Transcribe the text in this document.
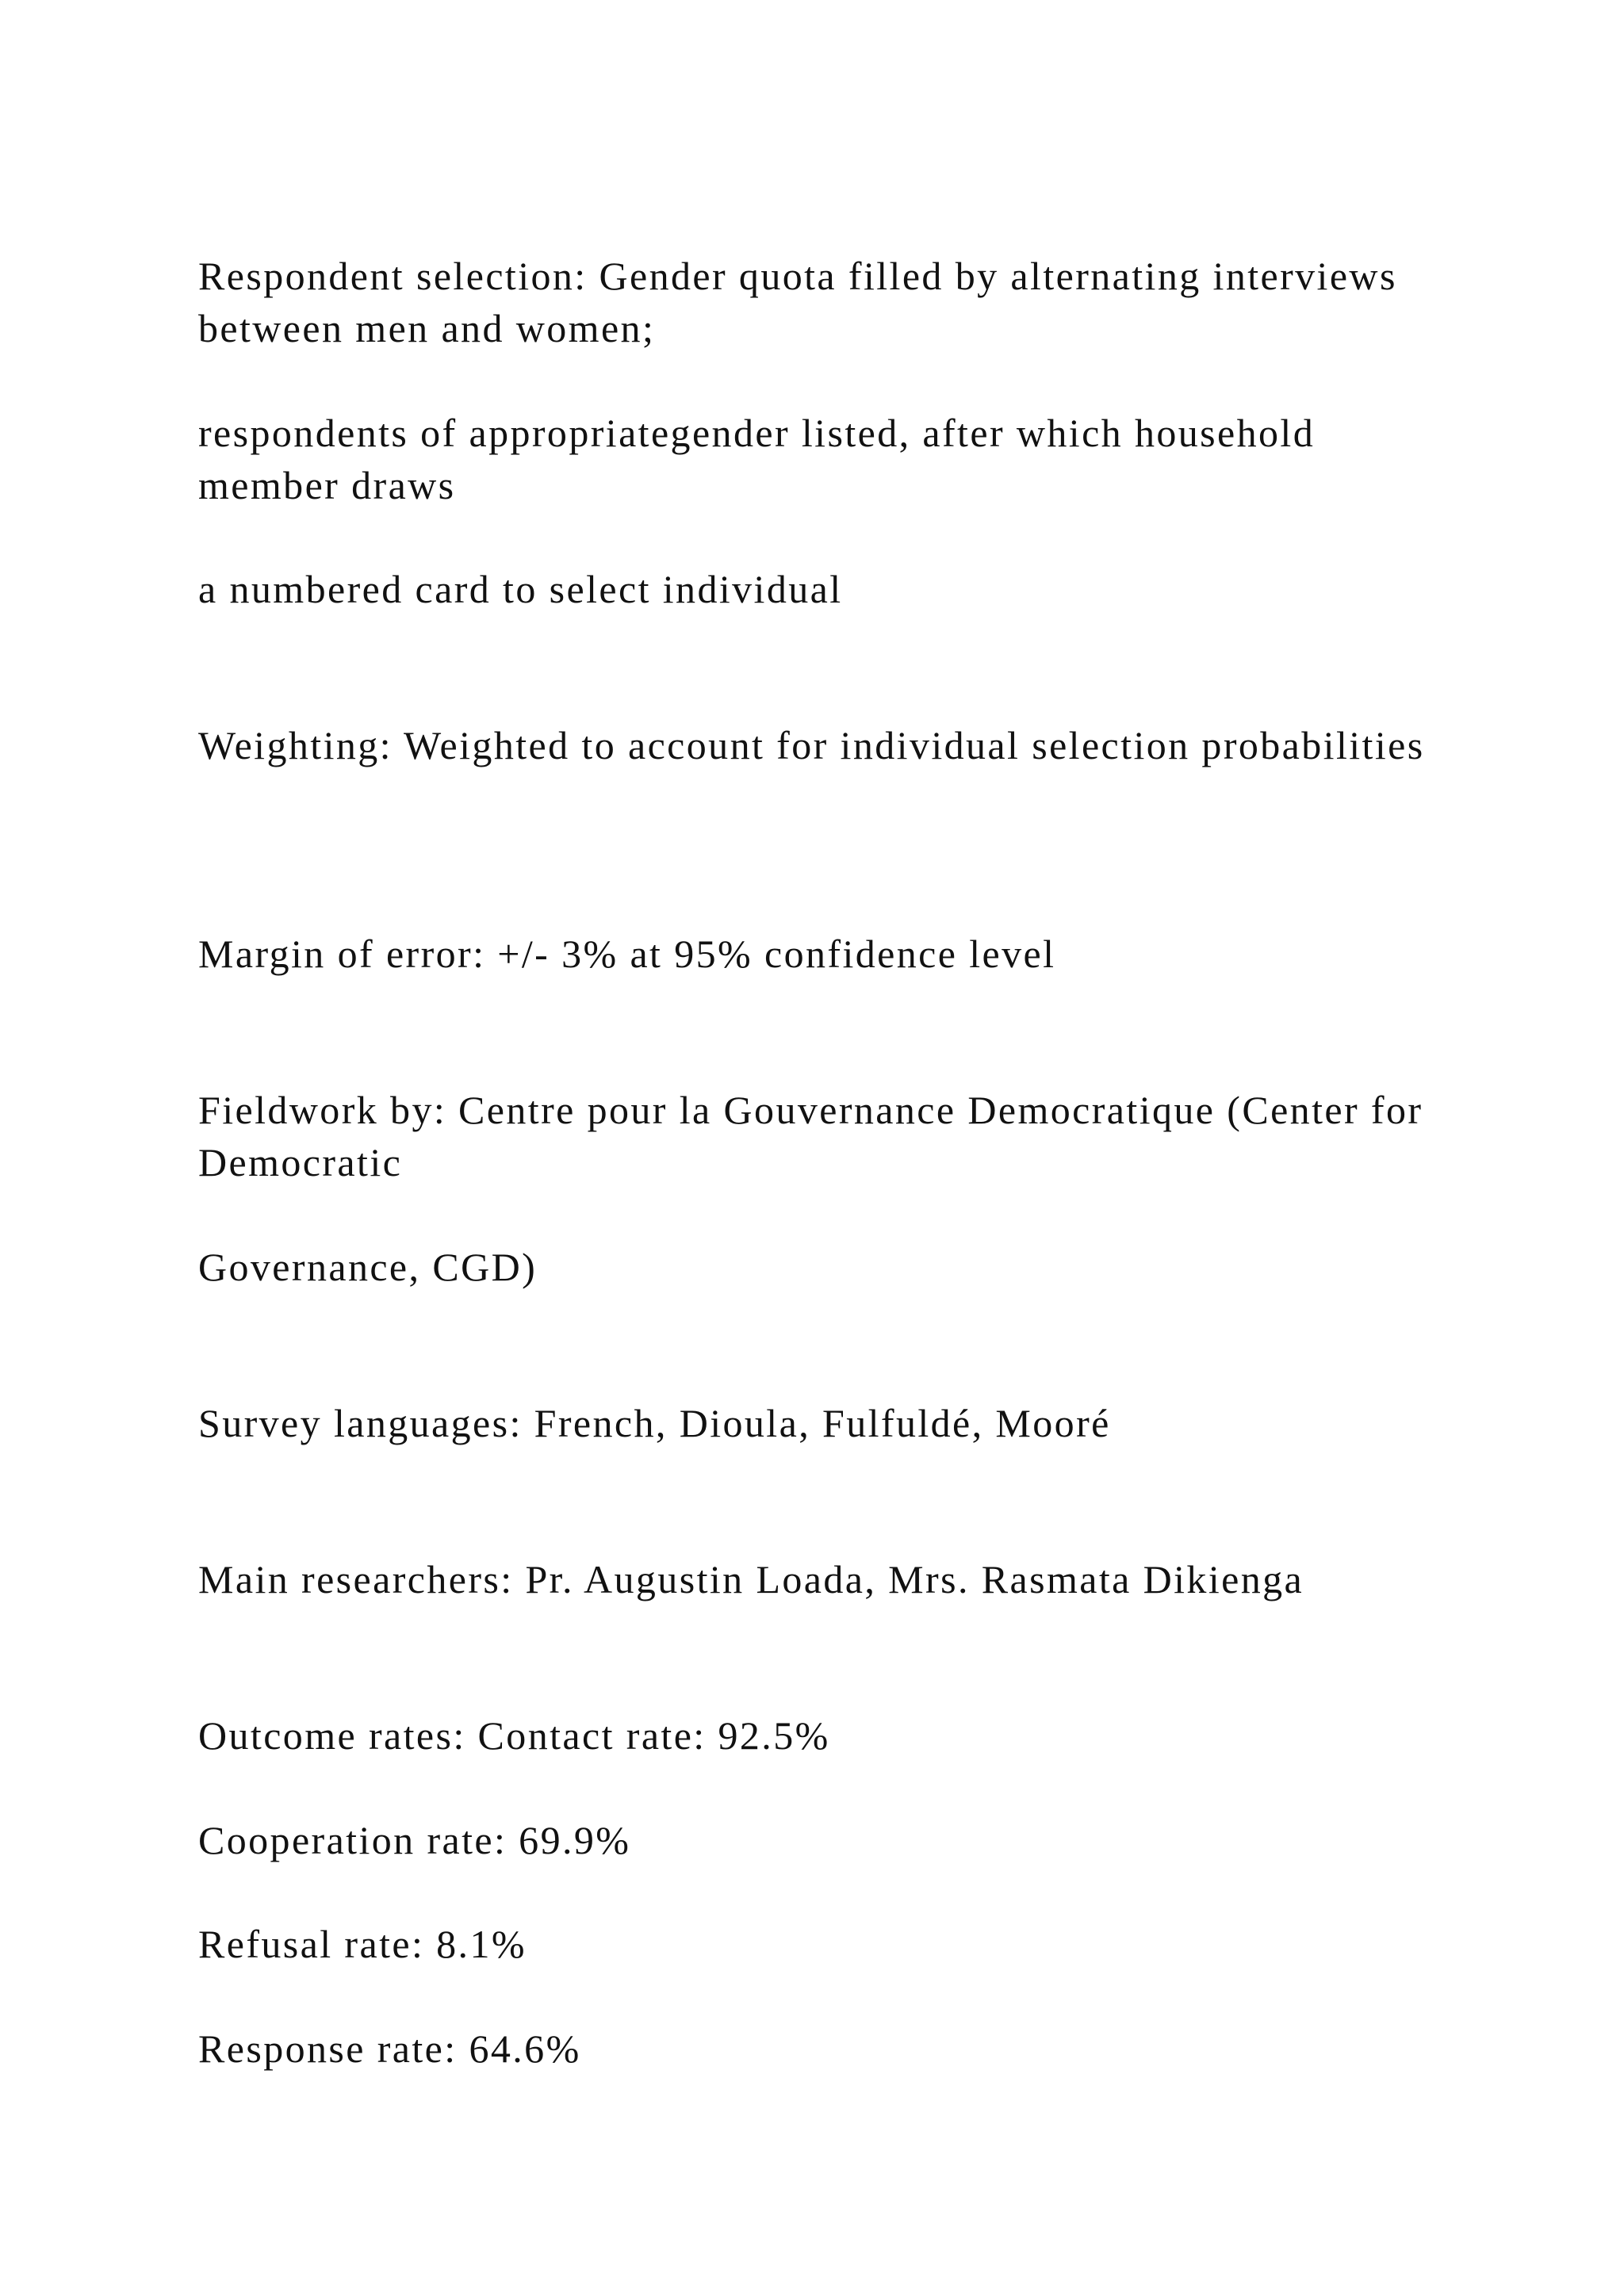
Respondent selection: Gender quota filled by alternating interviews between men and women;

respondents of appropriategender listed, after which household member draws

a numbered card to select individual

Weighting: Weighted to account for individual selection probabilities

Margin of error: +/- 3% at 95% confidence level

Fieldwork by: Centre pour la Gouvernance Democratique (Center for Democratic

Governance, CGD)

Survey languages: French, Dioula, Fulfuldé, Mooré

Main researchers: Pr. Augustin Loada, Mrs. Rasmata Dikienga

Outcome rates: Contact rate: 92.5%

Cooperation rate: 69.9%

Refusal rate: 8.1%

Response rate: 64.6%
